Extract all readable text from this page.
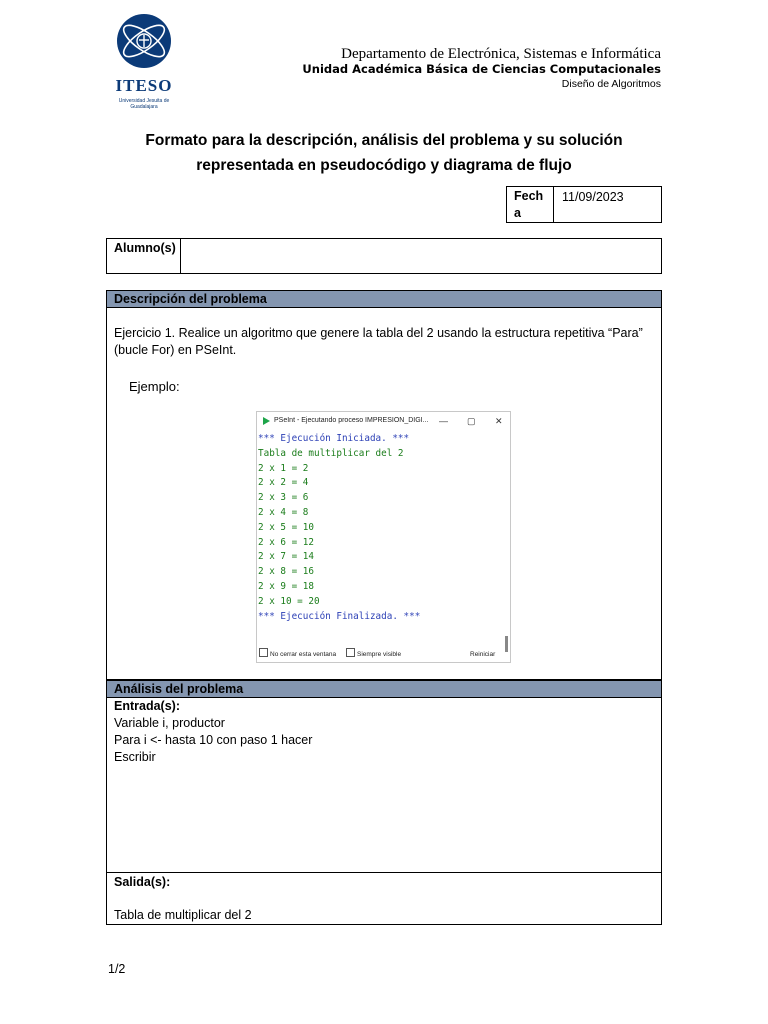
ITESO
Universidad Jesuita de Guadalajara
Departamento de Electrónica, Sistemas e Informática
Unidad Académica Básica de Ciencias Computacionales
Diseño de Algoritmos
Formato para la descripción, análisis del problema y su solución
representada en pseudocódigo y diagrama de flujo
Fecha
11/09/2023
Alumno(s)
Descripción del problema
Ejercicio 1. Realice un algoritmo que genere la tabla del 2 usando la estructura repetitiva “Para” (bucle For) en PSeInt.
Ejemplo:
PSeInt - Ejecutando proceso IMPRESION_DIGI... — ▢ ✕
*** Ejecución Iniciada. ***
Tabla de multiplicar del 2
2 x 1 = 2
2 x 2 = 4
2 x 3 = 6
2 x 4 = 8
2 x 5 = 10
2 x 6 = 12
2 x 7 = 14
2 x 8 = 16
2 x 9 = 18
2 x 10 = 20
*** Ejecución Finalizada. ***
No cerrar esta ventana	Siempre visible	Reiniciar
Análisis del problema
Entrada(s):
Variable i, productor
Para i <- hasta 10 con paso 1 hacer
Escribir
Salida(s):
Tabla de multiplicar del 2
1/2
